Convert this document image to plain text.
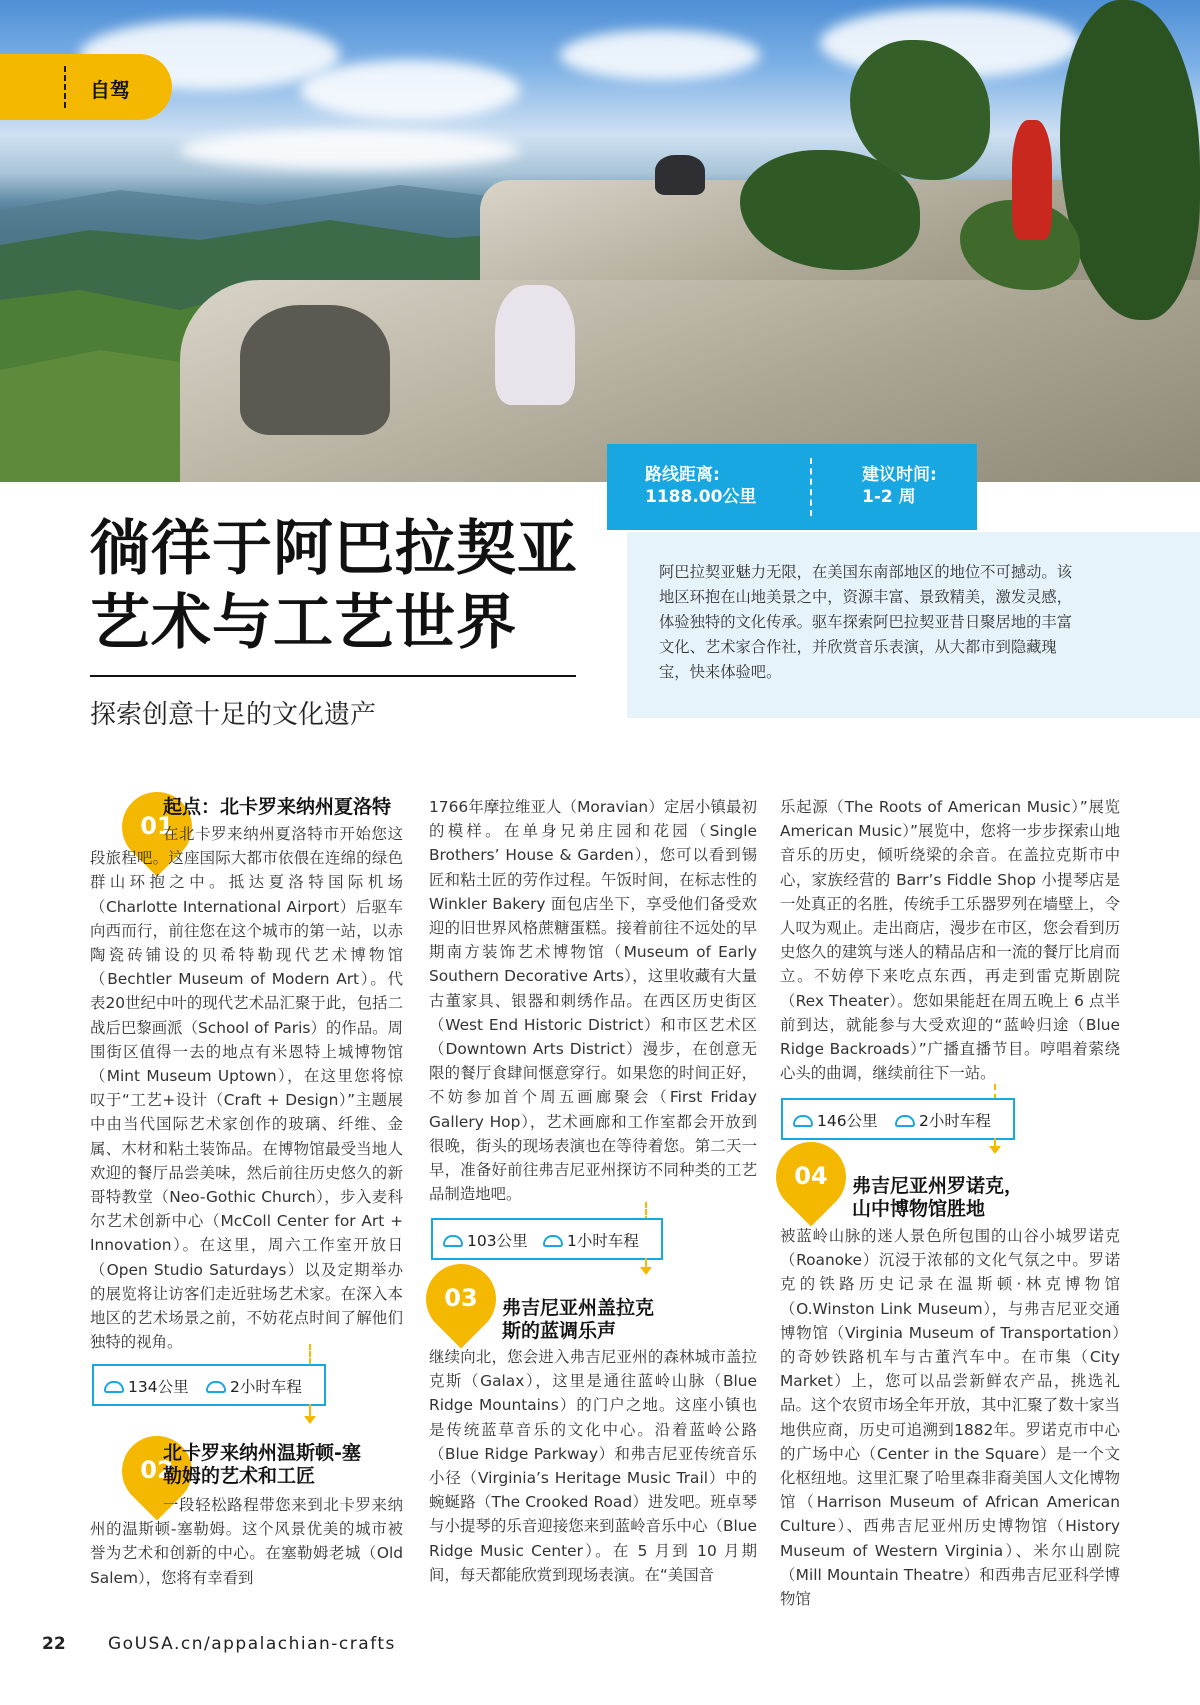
自驾
路线距离:
1188.00公里
建议时间:
1-2 周
徜徉于阿巴拉契亚
艺术与工艺世界
探索创意十足的文化遗产

阿巴拉契亚魅力无限，在美国东南部地区的地位不可撼动。该地区环抱在山地美景之中，资源丰富、景致精美，激发灵感，体验独特的文化传承。驱车探索阿巴拉契亚昔日聚居地的丰富文化、艺术家合作社，并欣赏音乐表演，从大都市到隐藏瑰宝，快来体验吧。

01
起点：北卡罗来纳州夏洛特

在北卡罗来纳州夏洛特市开始您这段旅程吧。这座国际大都市依偎在连绵的绿色群山环抱之中。抵达夏洛特国际机场（Charlotte International Airport）后驱车向西而行，前往您在这个城市的第一站，以赤陶瓷砖铺设的贝希特勒现代艺术博物馆（Bechtler Museum of Modern Art）。代表20世纪中叶的现代艺术品汇聚于此，包括二战后巴黎画派（School of Paris）的作品。周围街区值得一去的地点有米恩特上城博物馆（Mint Museum Uptown），在这里您将惊叹于“工艺+设计（Craft + Design）”主题展中由当代国际艺术家创作的玻璃、纤维、金属、木材和粘土装饰品。在博物馆最受当地人欢迎的餐厅品尝美味，然后前往历史悠久的新哥特教堂（Neo-Gothic Church），步入麦科尔艺术创新中心（McColl Center for Art + Innovation）。在这里，周六工作室开放日（Open Studio Saturdays）以及定期举办的展览将让访客们走近驻场艺术家。在深入本地区的艺术场景之前，不妨花点时间了解他们独特的视角。

134公里	2小时车程
02
北卡罗来纳州温斯顿-塞
勒姆的艺术和工匠

一段轻松路程带您来到北卡罗来纳州的温斯顿-塞勒姆。这个风景优美的城市被誉为艺术和创新的中心。在塞勒姆老城（Old Salem），您将有幸看到

1766年摩拉维亚人（Moravian）定居小镇最初的模样。在单身兄弟庄园和花园（Single Brothers’ House & Garden），您可以看到锡匠和粘土匠的劳作过程。午饭时间，在标志性的Winkler Bakery 面包店坐下，享受他们备受欢迎的旧世界风格蔗糖蛋糕。接着前往不远处的早期南方装饰艺术博物馆（Museum of Early Southern Decorative Arts），这里收藏有大量古董家具、银器和刺绣作品。在西区历史街区（West End Historic District）和市区艺术区（Downtown Arts District）漫步，在创意无限的餐厅食肆间惬意穿行。如果您的时间正好，不妨参加首个周五画廊聚会（First Friday Gallery Hop），艺术画廊和工作室都会开放到很晚，街头的现场表演也在等待着您。第二天一早，准备好前往弗吉尼亚州探访不同种类的工艺品制造地吧。

103公里	1小时车程
03	弗吉尼亚州盖拉克
斯的蓝调乐声

继续向北，您会进入弗吉尼亚州的森林城市盖拉克斯（Galax），这里是通往蓝岭山脉（Blue Ridge Mountains）的门户之地。这座小镇也是传统蓝草音乐的文化中心。沿着蓝岭公路（Blue Ridge Parkway）和弗吉尼亚传统音乐小径（Virginia’s Heritage Music Trail）中的蜿蜒路（The Crooked Road）进发吧。班卓琴与小提琴的乐音迎接您来到蓝岭音乐中心（Blue Ridge Music Center）。在 5 月到 10 月期间，每天都能欣赏到现场表演。在“美国音

乐起源（The Roots of American Music）”展览American Music）”展览中，您将一步步探索山地音乐的历史，倾听绕梁的余音。在盖拉克斯市中心，家族经营的 Barr’s Fiddle Shop 小提琴店是一处真正的名胜，传统手工乐器罗列在墙壁上，令人叹为观止。走出商店，漫步在市区，您会看到历史悠久的建筑与迷人的精品店和一流的餐厅比肩而立。不妨停下来吃点东西，再走到雷克斯剧院（Rex Theater）。您如果能赶在周五晚上 6 点半前到达，就能参与大受欢迎的“蓝岭归途（Blue Ridge Backroads）”广播直播节目。哼唱着萦绕心头的曲调，继续前往下一站。

146公里	2小时车程
04	弗吉尼亚州罗诺克，
山中博物馆胜地

被蓝岭山脉的迷人景色所包围的山谷小城罗诺克（Roanoke）沉浸于浓郁的文化气氛之中。罗诺克的铁路历史记录在温斯顿·林克博物馆（O.Winston Link Museum），与弗吉尼亚交通博物馆（Virginia Museum of Transportation）的奇妙铁路机车与古董汽车中。在市集（City Market）上，您可以品尝新鲜农产品，挑选礼品。这个农贸市场全年开放，其中汇聚了数十家当地供应商，历史可追溯到1882年。罗诺克市中心的广场中心（Center in the Square）是一个文化枢纽地。这里汇聚了哈里森非裔美国人文化博物馆（Harrison Museum of African American Culture）、西弗吉尼亚州历史博物馆（History Museum of Western Virginia）、米尔山剧院（Mill Mountain Theatre）和西弗吉尼亚科学博物馆

22 GoUSA.cn/appalachian-crafts
